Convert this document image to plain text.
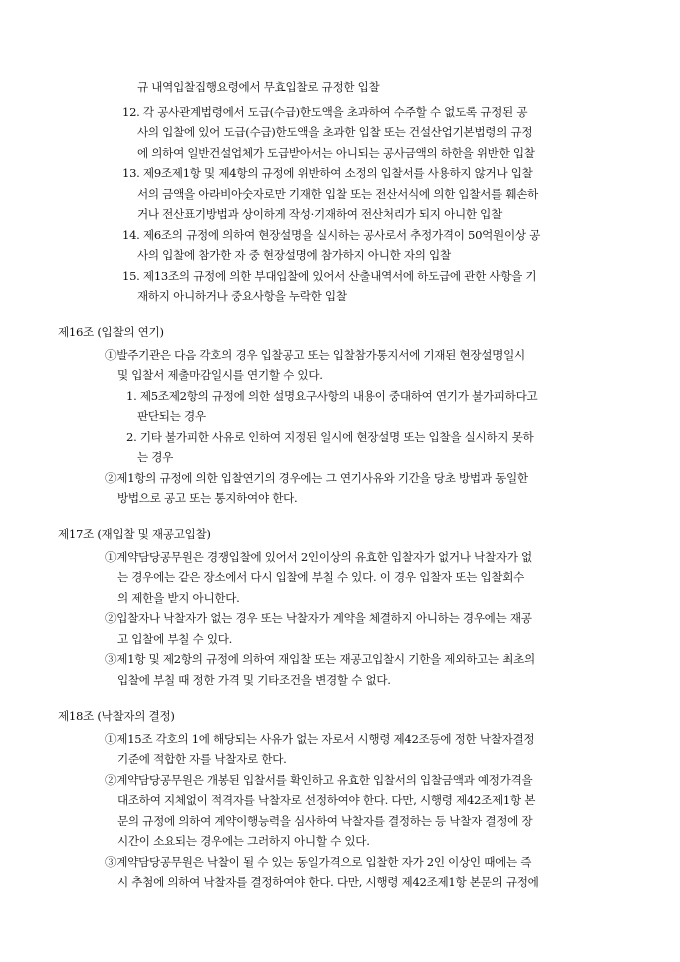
규 내역입찰집행요령에서 무효입찰로 규정한 입찰
12. 각 공사관계법령에서 도급(수급)한도액을 초과하여 수주할 수 없도록 규정된 공
사의 입찰에 있어 도급(수급)한도액을 초과한 입찰 또는 건설산업기본법령의 규정
에 의하여 일반건설업체가 도급받아서는 아니되는 공사금액의 하한을 위반한 입찰
13. 제9조제1항 및 제4항의 규정에 위반하여 소정의 입찰서를 사용하지 않거나 입찰
서의 금액을 아라비아숫자로만 기재한 입찰 또는 전산서식에 의한 입찰서를 훼손하
거나 전산표기방법과 상이하게 작성·기재하여 전산처리가 되지 아니한 입찰
14. 제6조의 규정에 의하여 현장설명을 실시하는 공사로서 추정가격이 50억원이상 공
사의 입찰에 참가한 자 중 현장설명에 참가하지 아니한 자의 입찰
15. 제13조의 규정에 의한 부대입찰에 있어서 산출내역서에 하도급에 관한 사항을 기
재하지 아니하거나 중요사항을 누락한 입찰
제16조 (입찰의 연기)
①발주기관은 다음 각호의 경우 입찰공고 또는 입찰참가통지서에 기재된 현장설명일시
및 입찰서 제출마감일시를 연기할 수 있다.
1. 제5조제2항의 규정에 의한 설명요구사항의 내용이 중대하여 연기가 불가피하다고
판단되는 경우
2. 기타 불가피한 사유로 인하여 지정된 일시에 현장설명 또는 입찰을 실시하지 못하
는 경우
②제1항의 규정에 의한 입찰연기의 경우에는 그 연기사유와 기간을 당초 방법과 동일한
방법으로 공고 또는 통지하여야 한다.
제17조 (재입찰 및 재공고입찰)
①계약담당공무원은 경쟁입찰에 있어서 2인이상의 유효한 입찰자가 없거나 낙찰자가 없
는 경우에는 같은 장소에서 다시 입찰에 부칠 수 있다. 이 경우 입찰자 또는 입찰회수
의 제한을 받지 아니한다.
②입찰자나 낙찰자가 없는 경우 또는 낙찰자가 계약을 체결하지 아니하는 경우에는 재공
고 입찰에 부칠 수 있다.
③제1항 및 제2항의 규정에 의하여 재입찰 또는 재공고입찰시 기한을 제외하고는 최초의
입찰에 부칠 때 정한 가격 및 기타조건을 변경할 수 없다.
제18조 (낙찰자의 결정)
①제15조 각호의 1에 해당되는 사유가 없는 자로서 시행령 제42조등에 정한 낙찰자결정
기준에 적합한 자를 낙찰자로 한다.
②계약담당공무원은 개봉된 입찰서를 확인하고 유효한 입찰서의 입찰금액과 예정가격을
대조하여 지체없이 적격자를 낙찰자로 선정하여야 한다. 다만, 시행령 제42조제1항 본
문의 규정에 의하여 계약이행능력을 심사하여 낙찰자를 결정하는 등 낙찰자 결정에 장
시간이 소요되는 경우에는 그러하지 아니할 수 있다.
③계약담당공무원은 낙찰이 될 수 있는 동일가격으로 입찰한 자가 2인 이상인 때에는 즉
시 추첨에 의하여 낙찰자를 결정하여야 한다. 다만, 시행령 제42조제1항 본문의 규정에
